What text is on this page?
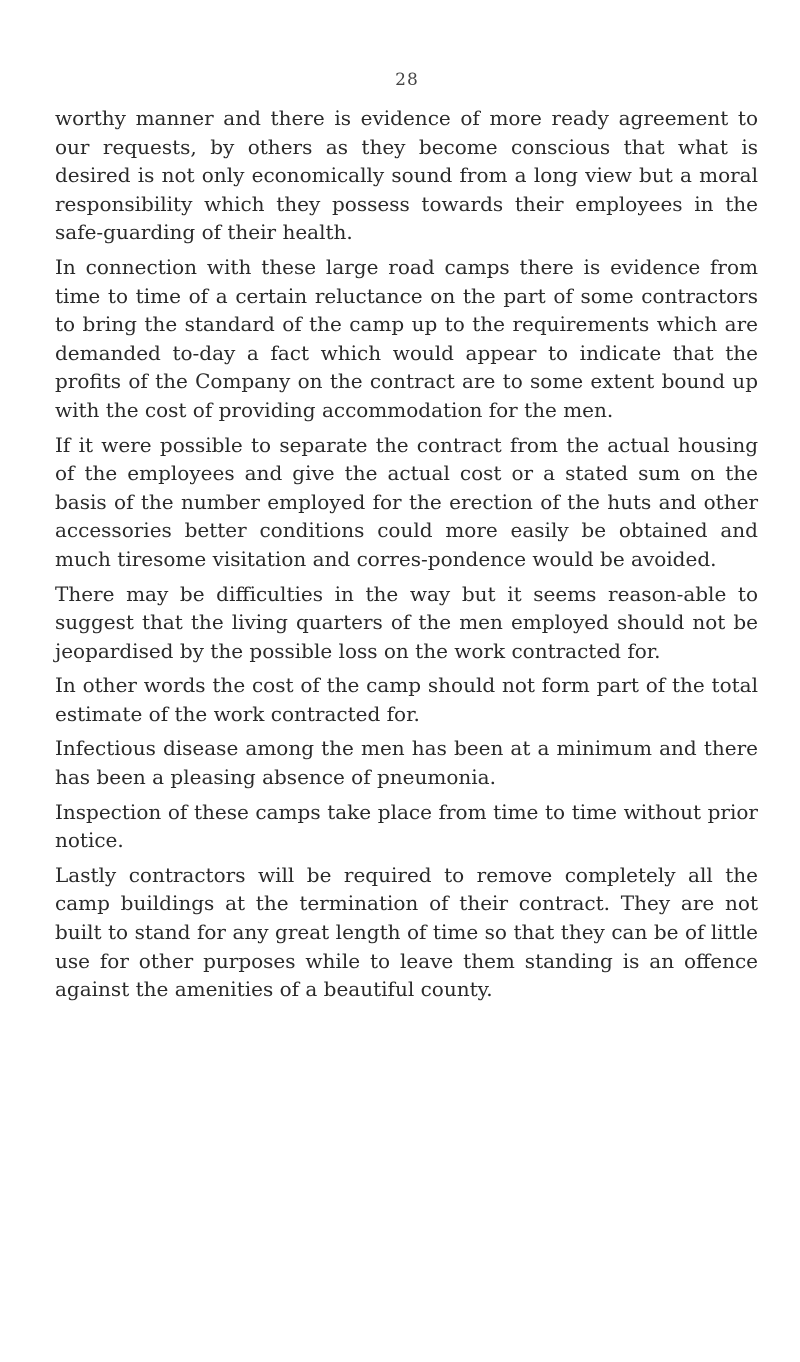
28

worthy manner and there is evidence of more ready agreement to our requests, by others as they become conscious that what is desired is not only economically sound from a long view but a moral responsibility which they possess towards their employees in the safe-guarding of their health.

In connection with these large road camps there is evidence from time to time of a certain reluctance on the part of some contractors to bring the standard of the camp up to the requirements which are demanded to-day a fact which would appear to indicate that the profits of the Company on the contract are to some extent bound up with the cost of providing accommodation for the men.

If it were possible to separate the contract from the actual housing of the employees and give the actual cost or a stated sum on the basis of the number employed for the erection of the huts and other accessories better conditions could more easily be obtained and much tiresome visitation and corres-pondence would be avoided.

There may be difficulties in the way but it seems reason-able to suggest that the living quarters of the men employed should not be jeopardised by the possible loss on the work contracted for.

In other words the cost of the camp should not form part of the total estimate of the work contracted for.

Infectious disease among the men has been at a minimum and there has been a pleasing absence of pneumonia.

Inspection of these camps take place from time to time without prior notice.

Lastly contractors will be required to remove completely all the camp buildings at the termination of their contract. They are not built to stand for any great length of time so that they can be of little use for other purposes while to leave them standing is an offence against the amenities of a beautiful county.
